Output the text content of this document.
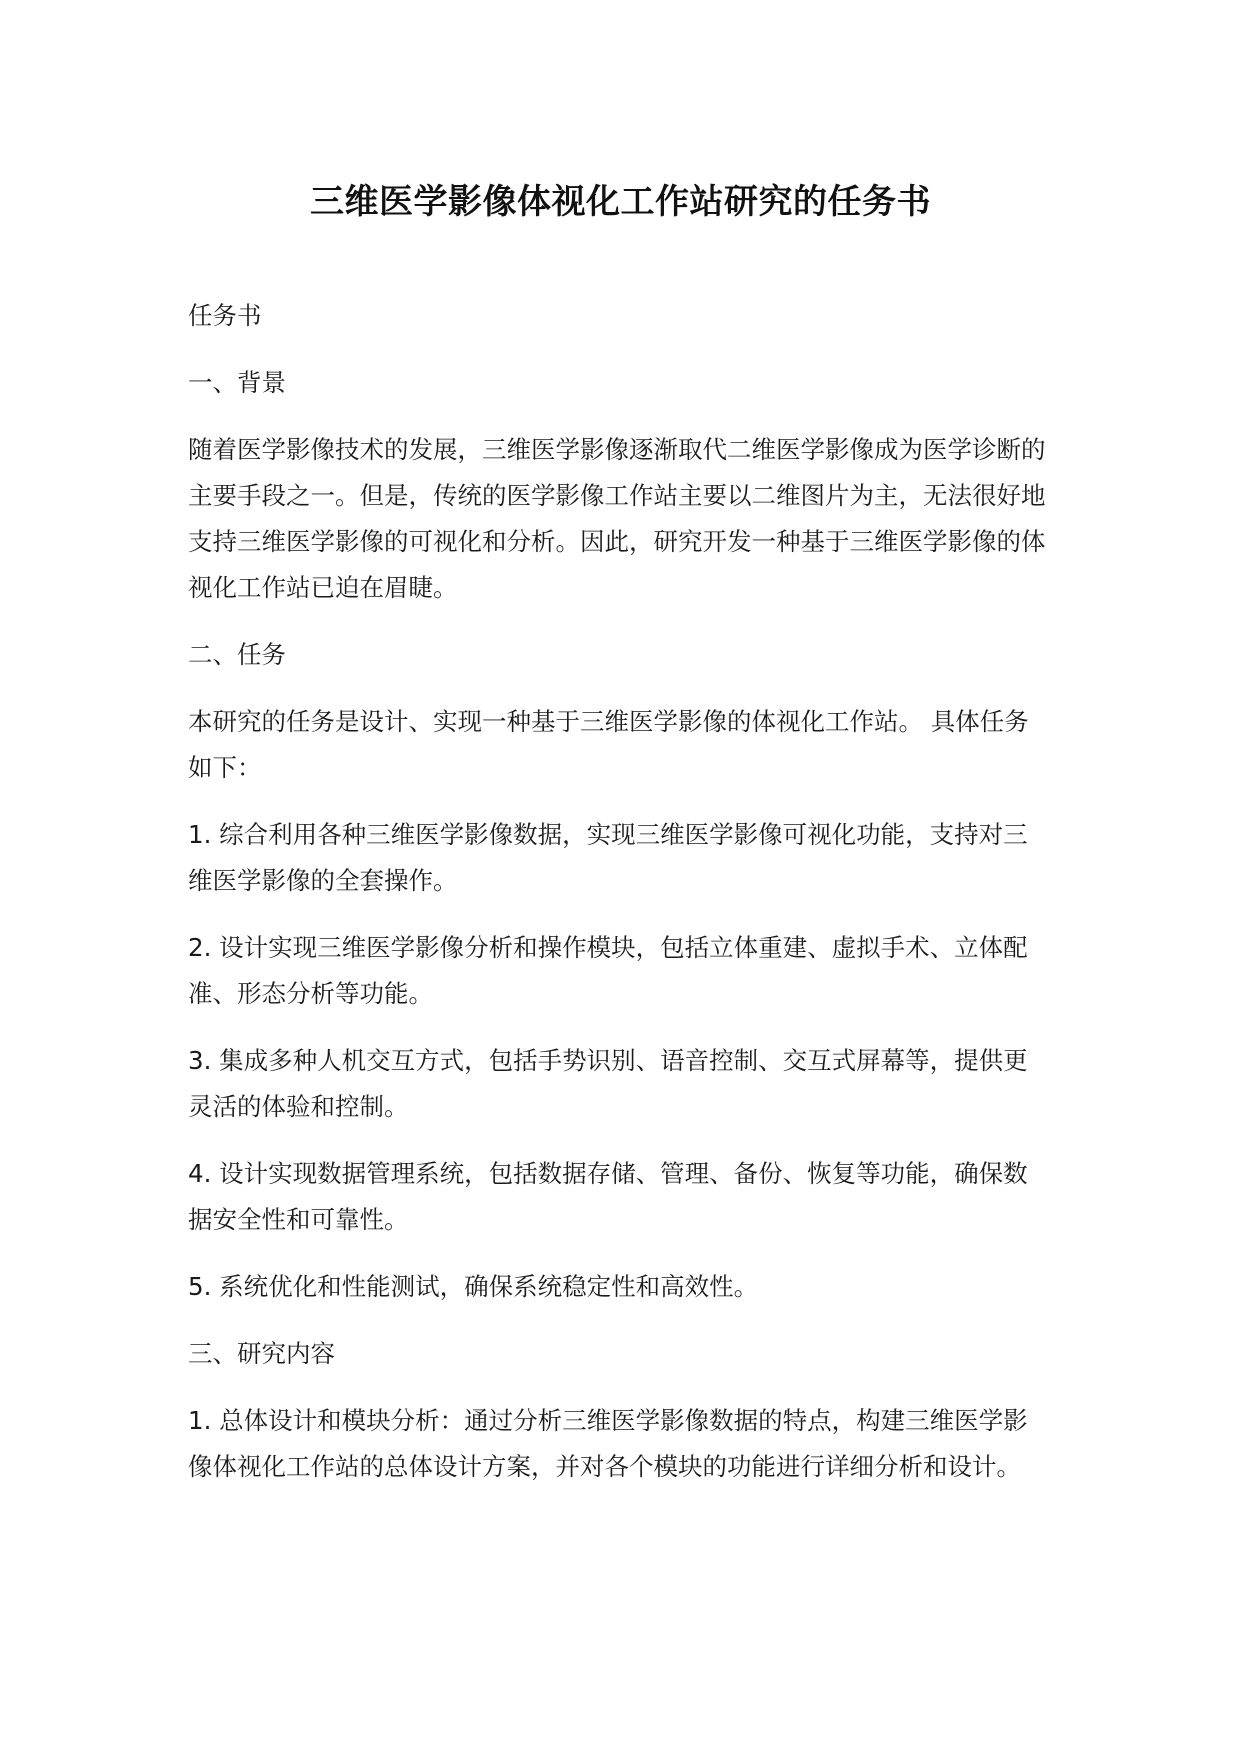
三维医学影像体视化工作站研究的任务书

任务书

一、背景

随着医学影像技术的发展，三维医学影像逐渐取代二维医学影像成为医学诊断的主要手段之一。但是，传统的医学影像工作站主要以二维图片为主，无法很好地支持三维医学影像的可视化和分析。因此，研究开发一种基于三维医学影像的体视化工作站已迫在眉睫。

二、任务

本研究的任务是设计、实现一种基于三维医学影像的体视化工作站。 具体任务如下：

1. 综合利用各种三维医学影像数据，实现三维医学影像可视化功能，支持对三维医学影像的全套操作。

2. 设计实现三维医学影像分析和操作模块，包括立体重建、虚拟手术、立体配准、形态分析等功能。

3. 集成多种人机交互方式，包括手势识别、语音控制、交互式屏幕等，提供更灵活的体验和控制。

4. 设计实现数据管理系统，包括数据存储、管理、备份、恢复等功能，确保数据安全性和可靠性。

5. 系统优化和性能测试，确保系统稳定性和高效性。

三、研究内容

1. 总体设计和模块分析：通过分析三维医学影像数据的特点，构建三维医学影像体视化工作站的总体设计方案，并对各个模块的功能进行详细分析和设计。
